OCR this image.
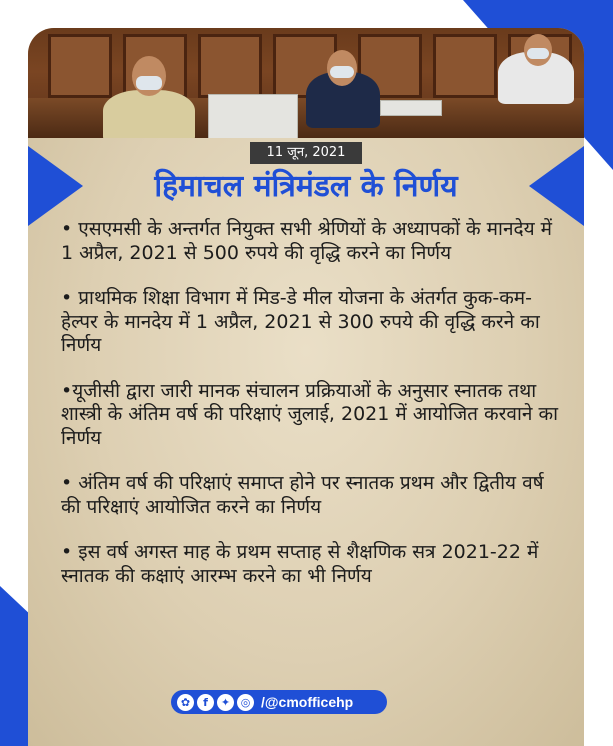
11 जून, 2021
हिमाचल मंत्रिमंडल के निर्णय
• एसएमसी के अन्तर्गत नियुक्त सभी श्रेणियों के अध्यापकों के मानदेय में 1 अप्रैल, 2021 से 500 रुपये की वृद्धि करने का निर्णय
• प्राथमिक शिक्षा विभाग में मिड-डे मील योजना के अंतर्गत कुक-कम-हेल्पर के मानदेय में 1 अप्रैल, 2021 से 300 रुपये की वृद्धि करने का निर्णय
•यूजीसी द्वारा जारी मानक संचालन प्रक्रियाओं के अनुसार स्नातक तथा शास्त्री के अंतिम वर्ष की परिक्षाएं जुलाई, 2021 में आयोजित करवाने का निर्णय
• अंतिम वर्ष की परिक्षाएं समाप्त होने पर स्नातक प्रथम और द्वितीय वर्ष की परिक्षाएं आयोजित करने का निर्णय
• इस वर्ष अगस्त माह के प्रथम सप्ताह से शैक्षणिक सत्र 2021-22 में स्नातक की कक्षाएं आरम्भ करने का भी निर्णय
✿	f	✦ ◎ /@cmofficehp
